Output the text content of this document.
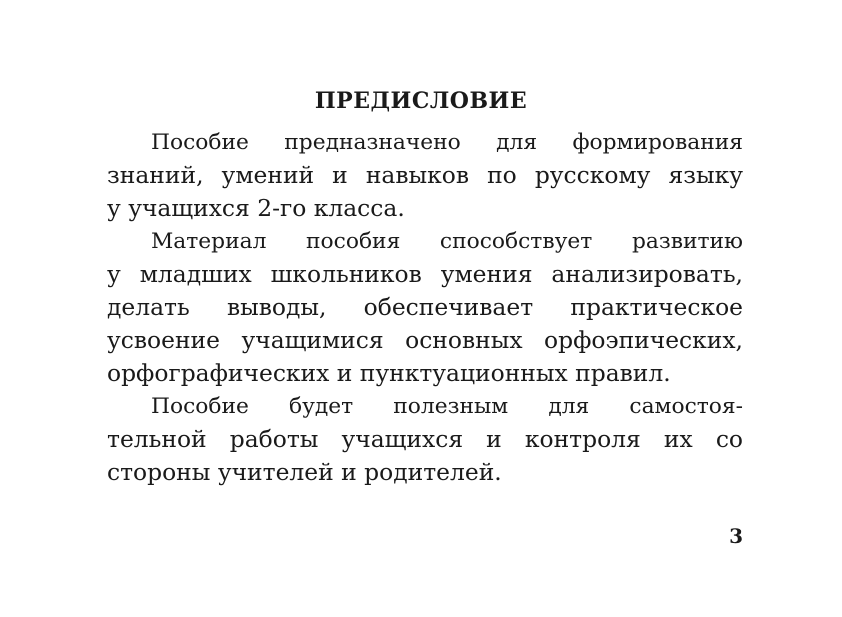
ПРЕДИСЛОВИЕ
Пособие предназначено для формирования
знаний, умений и навыков по русскому языку
у учащихся 2-го класса.
Материал пособия способствует развитию
у младших школьников умения анализировать,
делать выводы, обеспечивает практическое
усвоение учащимися основных орфоэпических,
орфографических и пунктуационных правил.
Пособие будет полезным для самостоя-
тельной работы учащихся и контроля их со
стороны учителей и родителей.
3
